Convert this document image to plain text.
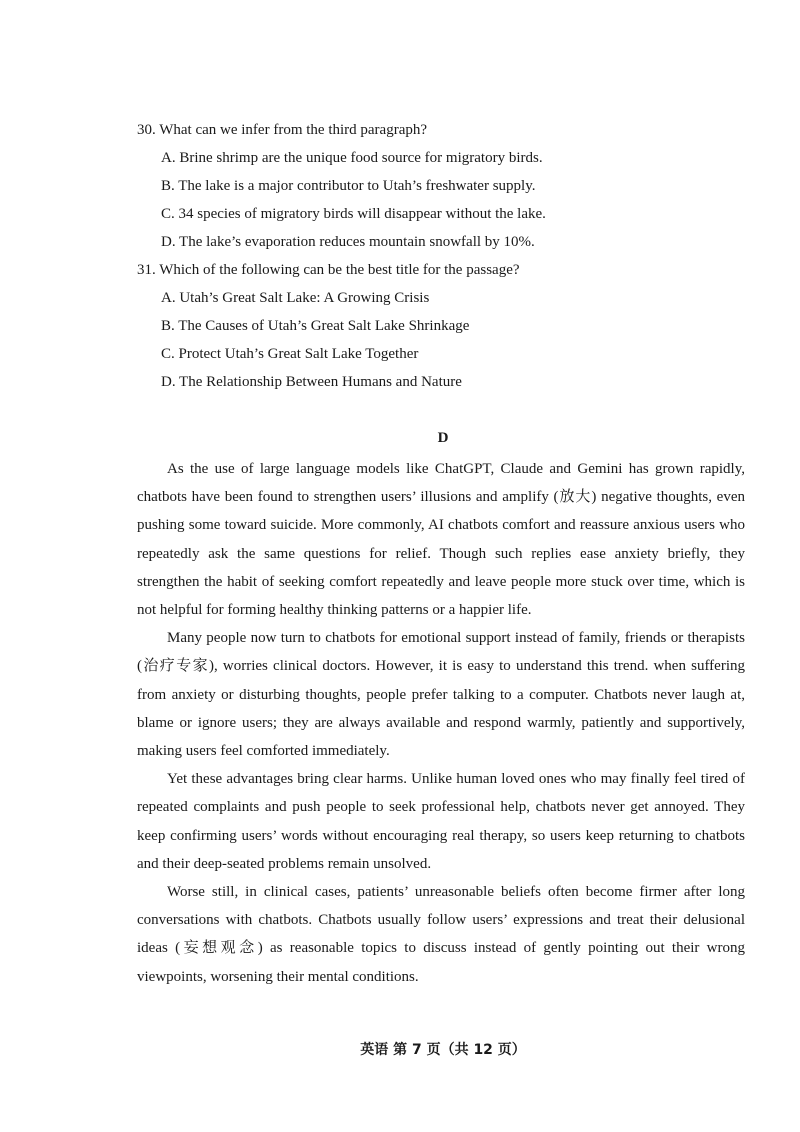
30. What can we infer from the third paragraph?
A. Brine shrimp are the unique food source for migratory birds.
B. The lake is a major contributor to Utah’s freshwater supply.
C. 34 species of migratory birds will disappear without the lake.
D. The lake’s evaporation reduces mountain snowfall by 10%.
31. Which of the following can be the best title for the passage?
A. Utah’s Great Salt Lake: A Growing Crisis
B. The Causes of Utah’s Great Salt Lake Shrinkage
C. Protect Utah’s Great Salt Lake Together
D. The Relationship Between Humans and Nature
D

As the use of large language models like ChatGPT, Claude and Gemini has grown rapidly, chatbots have been found to strengthen users’ illusions and amplify (放大) negative thoughts, even pushing some toward suicide. More commonly, AI chatbots comfort and reassure anxious users who repeatedly ask the same questions for relief. Though such replies ease anxiety briefly, they strengthen the habit of seeking comfort repeatedly and leave people more stuck over time, which is not helpful for forming healthy thinking patterns or a happier life.

Many people now turn to chatbots for emotional support instead of family, friends or therapists (治疗专家), worries clinical doctors. However, it is easy to understand this trend. when suffering from anxiety or disturbing thoughts, people prefer talking to a computer. Chatbots never laugh at, blame or ignore users; they are always available and respond warmly, patiently and supportively, making users feel comforted immediately.

Yet these advantages bring clear harms. Unlike human loved ones who may finally feel tired of repeated complaints and push people to seek professional help, chatbots never get annoyed. They keep confirming users’ words without encouraging real therapy, so users keep returning to chatbots and their deep-seated problems remain unsolved.

Worse still, in clinical cases, patients’ unreasonable beliefs often become firmer after long conversations with chatbots. Chatbots usually follow users’ expressions and treat their delusional ideas (妄想观念) as reasonable topics to discuss instead of gently pointing out their wrong viewpoints, worsening their mental conditions.

英语 第 7 页（共 12 页）
